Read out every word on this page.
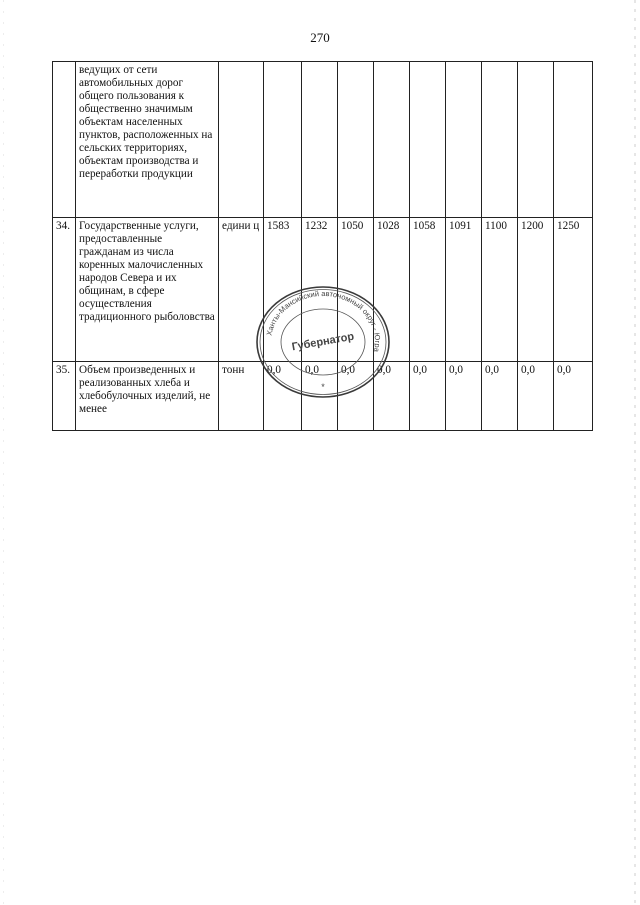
270
	ведущих от сети автомобильных дорог общего пользования к общественно значимым объектам населенных пунктов, расположенных на сельских территориях, объектам производства и переработки продукции										
34.	Государственные услуги, предоставленные гражданам из числа коренных малочисленных народов Севера и их общинам, в сфере осуществления традиционного рыболовства	едини ц	1583	1232	1050	1028	1058	1091	1100	1200	1250
35.	Объем произведенных и реализованных хлеба и хлебобулочных изделий, не менее	тонн	0,0	0,0	0,0	0,0	0,0	0,0	0,0	0,0	0,0
Ханты-Мансийский автономный округ - Югра
Губернатор
*
